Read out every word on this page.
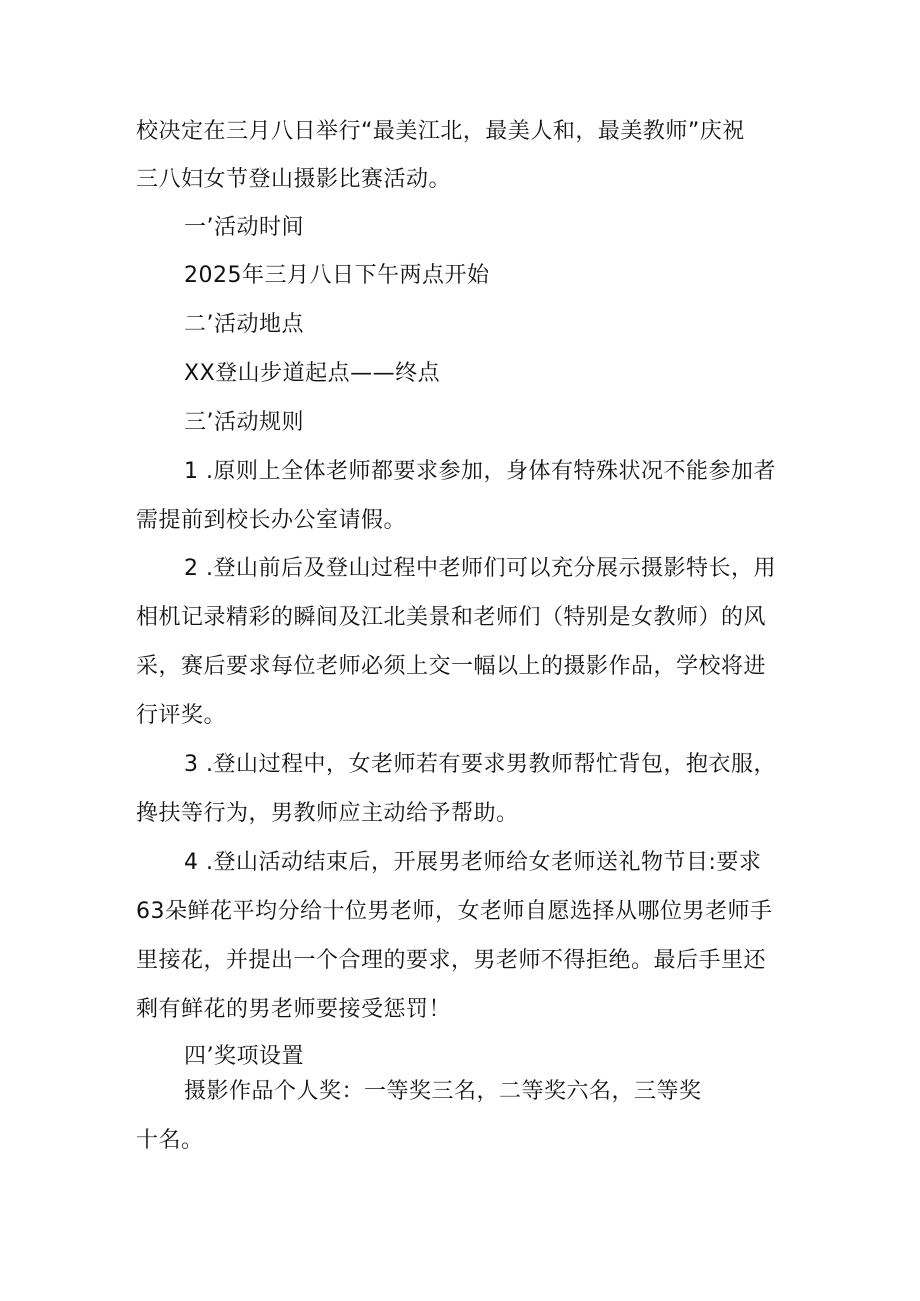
校决定在三月八日举行“最美江北，最美人和，最美教师”庆祝
三八妇女节登山摄影比赛活动。
一’活动时间
2025年三月八日下午两点开始
二’活动地点
XX登山步道起点——终点
三’活动规则
1 .原则上全体老师都要求参加，身体有特殊状况不能参加者
需提前到校长办公室请假。
2 .登山前后及登山过程中老师们可以充分展示摄影特长，用
相机记录精彩的瞬间及江北美景和老师们（特别是女教师）的风
采，赛后要求每位老师必须上交一幅以上的摄影作品，学校将进
行评奖。
3 .登山过程中，女老师若有要求男教师帮忙背包，抱衣服，
搀扶等行为，男教师应主动给予帮助。
4 .登山活动结束后，开展男老师给女老师送礼物节目:要求
63朵鲜花平均分给十位男老师，女老师自愿选择从哪位男老师手
里接花，并提出一个合理的要求，男老师不得拒绝。最后手里还
剩有鲜花的男老师要接受惩罚！
四’奖项设置
摄影作品个人奖：一等奖三名，二等奖六名，三等奖
十名。
